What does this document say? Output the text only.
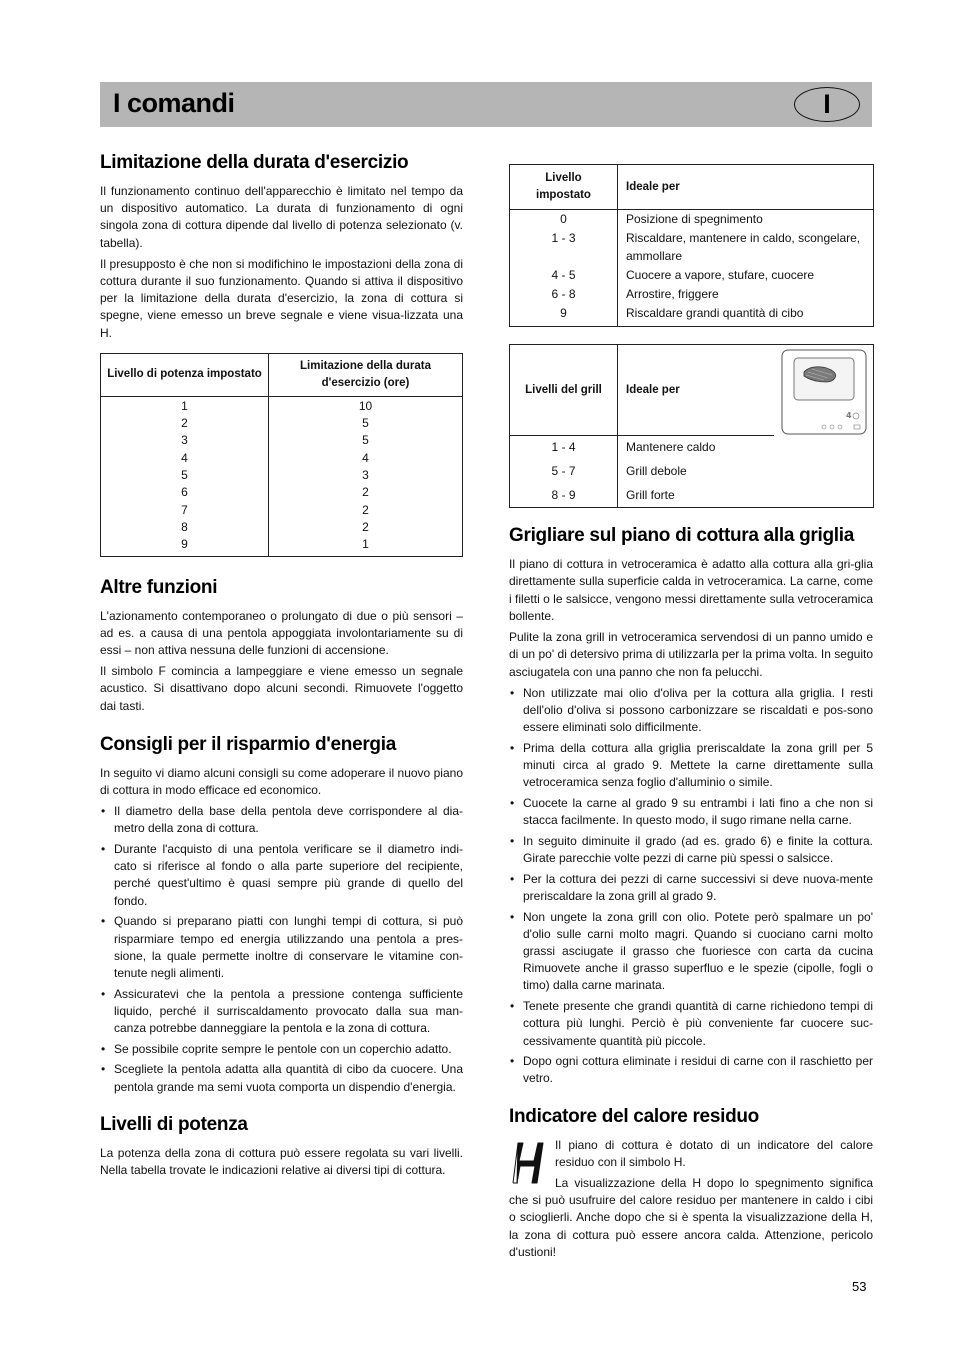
I comandi	I
Limitazione della durata d'esercizio

Il funzionamento continuo dell'apparecchio è limitato nel tempo da un dispositivo automatico. La durata di funzionamento di ogni singola zona di cottura dipende dal livello di potenza selezionato (v. tabella).

Il presupposto è che non si modifichino le impostazioni della zona di cottura durante il suo funzionamento. Quando si attiva il dispositivo per la limitazione della durata d'esercizio, la zona di cottura si spegne, viene emesso un breve segnale e viene visua-lizzata una H.

Livello di potenza impostato	Limitazione della durata d'esercizio (ore)
1	10
2	5
3	5
4	4
5	3
6	2
7	2
8	2
9	1
Altre funzioni

L'azionamento contemporaneo o prolungato di due o più sensori – ad es. a causa di una pentola appoggiata involontariamente su di essi – non attiva nessuna delle funzioni di accensione.

Il simbolo F comincia a lampeggiare e viene emesso un segnale acustico. Si disattivano dopo alcuni secondi. Rimuovete l'oggetto dai tasti.

Consigli per il risparmio d'energia

In seguito vi diamo alcuni consigli su come adoperare il nuovo piano di cottura in modo efficace ed economico.

• Il diametro della base della pentola deve corrispondere al dia-metro della zona di cottura.
• Durante l'acquisto di una pentola verificare se il diametro indi-cato si riferisce al fondo o alla parte superiore del recipiente, perché quest'ultimo è quasi sempre più grande di quello del fondo.
• Quando si preparano piatti con lunghi tempi di cottura, si può risparmiare tempo ed energia utilizzando una pentola a pres-sione, la quale permette inoltre di conservare le vitamine con-tenute negli alimenti.
• Assicuratevi che la pentola a pressione contenga sufficiente liquido, perché il surriscaldamento provocato dalla sua man-canza potrebbe danneggiare la pentola e la zona di cottura.
• Se possibile coprite sempre le pentole con un coperchio adatto.
• Scegliete la pentola adatta alla quantità di cibo da cuocere. Una pentola grande ma semi vuota comporta un dispendio d'energia.
Livelli di potenza

La potenza della zona di cottura può essere regolata su vari livelli. Nella tabella trovate le indicazioni relative ai diversi tipi di cottura.

Livello impostato	Ideale per
0	Posizione di spegnimento
1 - 3	Riscaldare, mantenere in caldo, scongelare, ammollare
4 - 5	Cuocere a vapore, stufare, cuocere
6 - 8	Arrostire, friggere
9	Riscaldare grandi quantità di cibo
Livelli del grill	Ideale per	4

1 - 4	Mantenere caldo	
5 - 7	Grill debole	
8 - 9	Grill forte	
Grigliare sul piano di cottura alla griglia

Il piano di cottura in vetroceramica è adatto alla cottura alla gri-glia direttamente sulla superficie calda in vetroceramica. La carne, come i filetti o le salsicce, vengono messi direttamente sulla vetroceramica bollente.

Pulite la zona grill in vetroceramica servendosi di un panno umido e di un po' di detersivo prima di utilizzarla per la prima volta. In seguito asciugatela con una panno che non fa pelucchi.

• Non utilizzate mai olio d'oliva per la cottura alla griglia. I resti dell'olio d'oliva si possono carbonizzare se riscaldati e pos-sono essere eliminati solo difficilmente.
• Prima della cottura alla griglia preriscaldate la zona grill per 5 minuti circa al grado 9. Mettete la carne direttamente sulla vetroceramica senza foglio d'alluminio o simile.
• Cuocete la carne al grado 9 su entrambi i lati fino a che non si stacca facilmente. In questo modo, il sugo rimane nella carne.
• In seguito diminuite il grado (ad es. grado 6) e finite la cottura. Girate parecchie volte pezzi di carne più spessi o salsicce.
• Per la cottura dei pezzi di carne successivi si deve nuova-mente preriscaldare la zona grill al grado 9.
• Non ungete la zona grill con olio. Potete però spalmare un po' d'olio sulle carni molto magri. Quando si cuociano carni molto grassi asciugate il grasso che fuoriesce con carta da cucina Rimuovete anche il grasso superfluo e le spezie (cipolle, fogli o timo) dalla carne marinata.
• Tenete presente che grandi quantità di carne richiedono tempi di cottura più lunghi. Perciò è più conveniente far cuocere suc-cessivamente quantità più piccole.
• Dopo ogni cottura eliminate i residui di carne con il raschietto per vetro.
Indicatore del calore residuo

Il piano di cottura è dotato di un indicatore del calore residuo con il simbolo H.

La visualizzazione della H dopo lo spegnimento significa che si può usufruire del calore residuo per mantenere in caldo i cibi o scioglierli. Anche dopo che si è spenta la visualizzazione della H, la zona di cottura può essere ancora calda. Attenzione, pericolo d'ustioni!

53
